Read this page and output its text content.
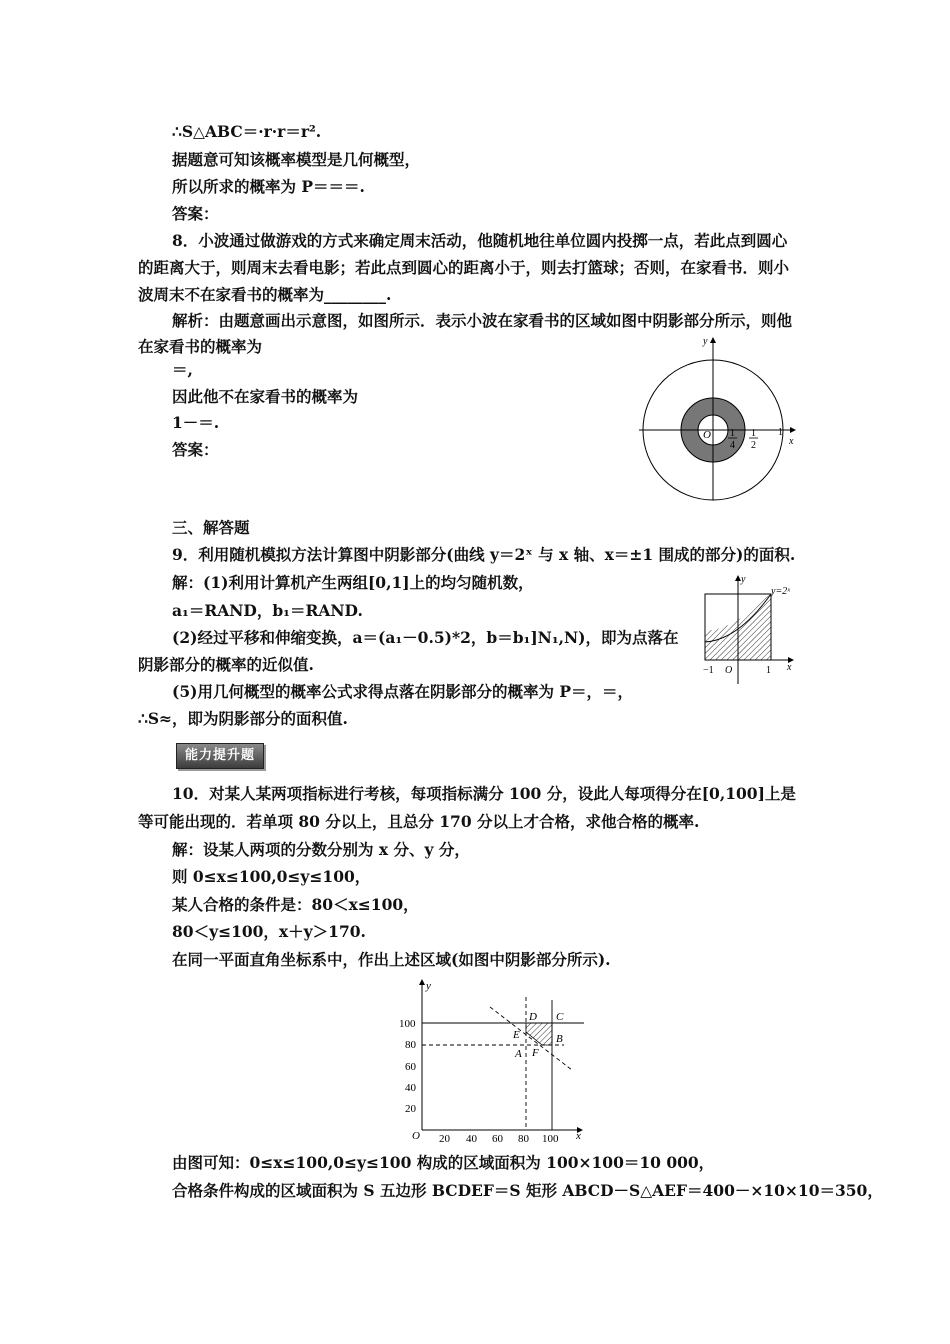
∴S△ABC＝·r·r＝r².
据题意可知该概率模型是几何概型，
所以所求的概率为 P＝＝＝.
答案：
8．小波通过做游戏的方式来确定周末活动，他随机地往单位圆内投掷一点，若此点到圆心
的距离大于，则周末去看电影；若此点到圆心的距离小于，则去打篮球；否则，在家看书．则小
波周末不在家看书的概率为________.
解析：由题意画出示意图，如图所示．表示小波在家看书的区域如图中阴影部分所示，则他
在家看书的概率为
＝,
因此他不在家看书的概率为
1－＝.
答案：
三、解答题
9．利用随机模拟方法计算图中阴影部分(曲线 y＝2ˣ 与 x 轴、x＝±1 围成的部分)的面积.
解：(1)利用计算机产生两组[0,1]上的均匀随机数，
a₁＝RAND，b₁＝RAND.
(2)经过平移和伸缩变换，a＝(a₁－0.5)*2，b＝b₁]N₁,N)，即为点落在
阴影部分的概率的近似值.
(5)用几何概型的概率公式求得点落在阴影部分的概率为 P＝，＝，
∴S≈，即为阴影部分的面积值.
能力提升题
10．对某人某两项指标进行考核，每项指标满分 100 分，设此人每项得分在[0,100]上是
等可能出现的．若单项 80 分以上，且总分 170 分以上才合格，求他合格的概率.
解：设某人两项的分数分别为 x 分、y 分，
则 0≤x≤100,0≤y≤100，
某人合格的条件是：80＜x≤100，
80＜y≤100，x＋y＞170.
在同一平面直角坐标系中，作出上述区域(如图中阴影部分所示).
由图可知：0≤x≤100,0≤y≤100 构成的区域面积为 100×100＝10 000，
合格条件构成的区域面积为 S 五边形 BCDEF＝S 矩形 ABCD－S△AEF＝400－×10×10＝350，
y
x
O 1
4
1
2
1
y
y=2ˣ
−1 O	1 x
100
80
60
40
20
20 40 60 80 100
O
y
x
D C
E	B
A F
